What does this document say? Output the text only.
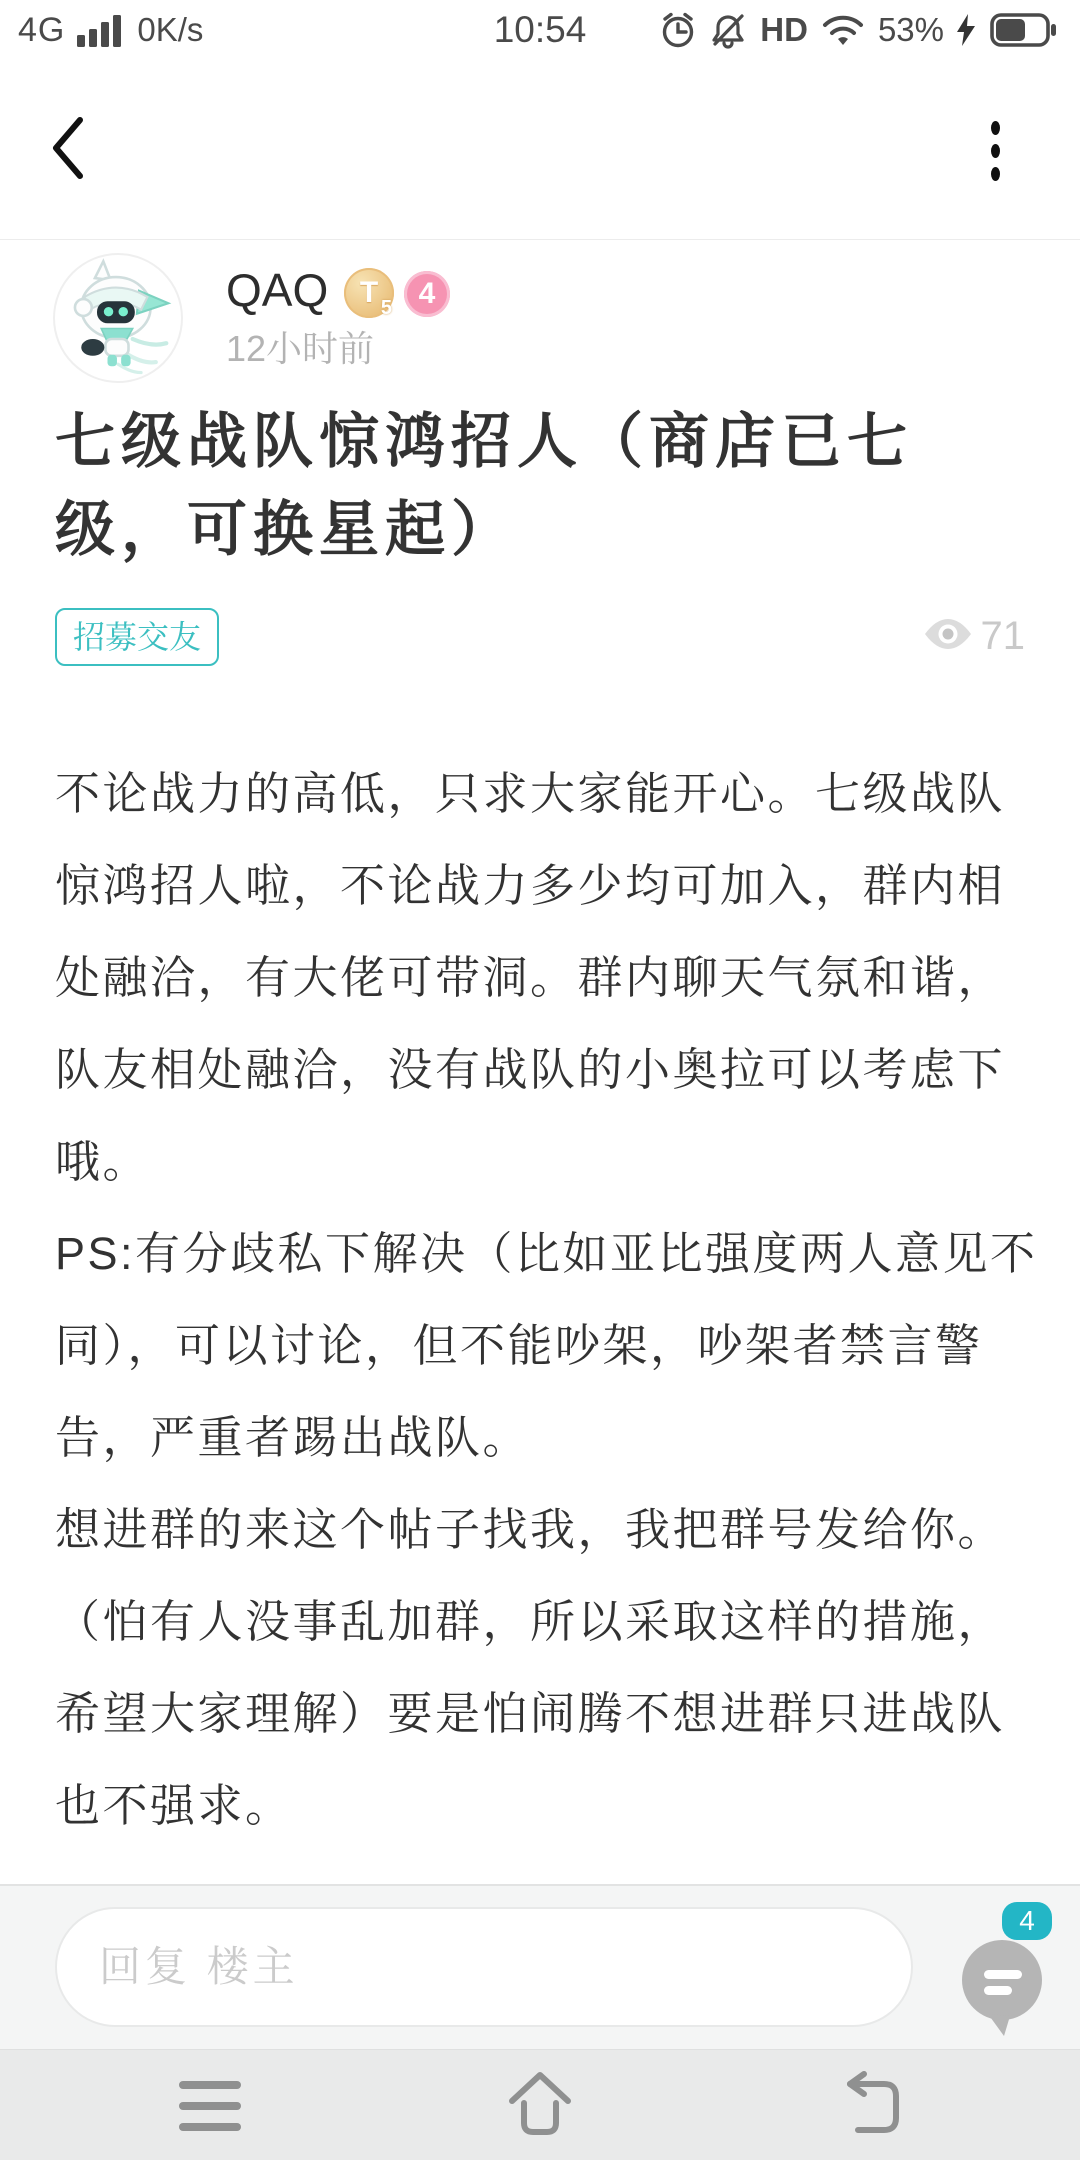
4G 0K/s	10:54	HD 53%
QAQ	T 5 4
12小时前
七级战队惊鸿招人（商店已七
级，可换星起）
招募交友	71
不论战力的高低，只求大家能开心。七级战队
惊鸿招人啦，不论战力多少均可加入，群内相
处融洽，有大佬可带洞。群内聊天气氛和谐，
队友相处融洽，没有战队的小奥拉可以考虑下
哦。
PS:有分歧私下解决（比如亚比强度两人意见不
同），可以讨论，但不能吵架，吵架者禁言警
告，严重者踢出战队。
想进群的来这个帖子找我，我把群号发给你。
（怕有人没事乱加群，所以采取这样的措施，
希望大家理解）要是怕闹腾不想进群只进战队
也不强求。
回复 楼主
4
